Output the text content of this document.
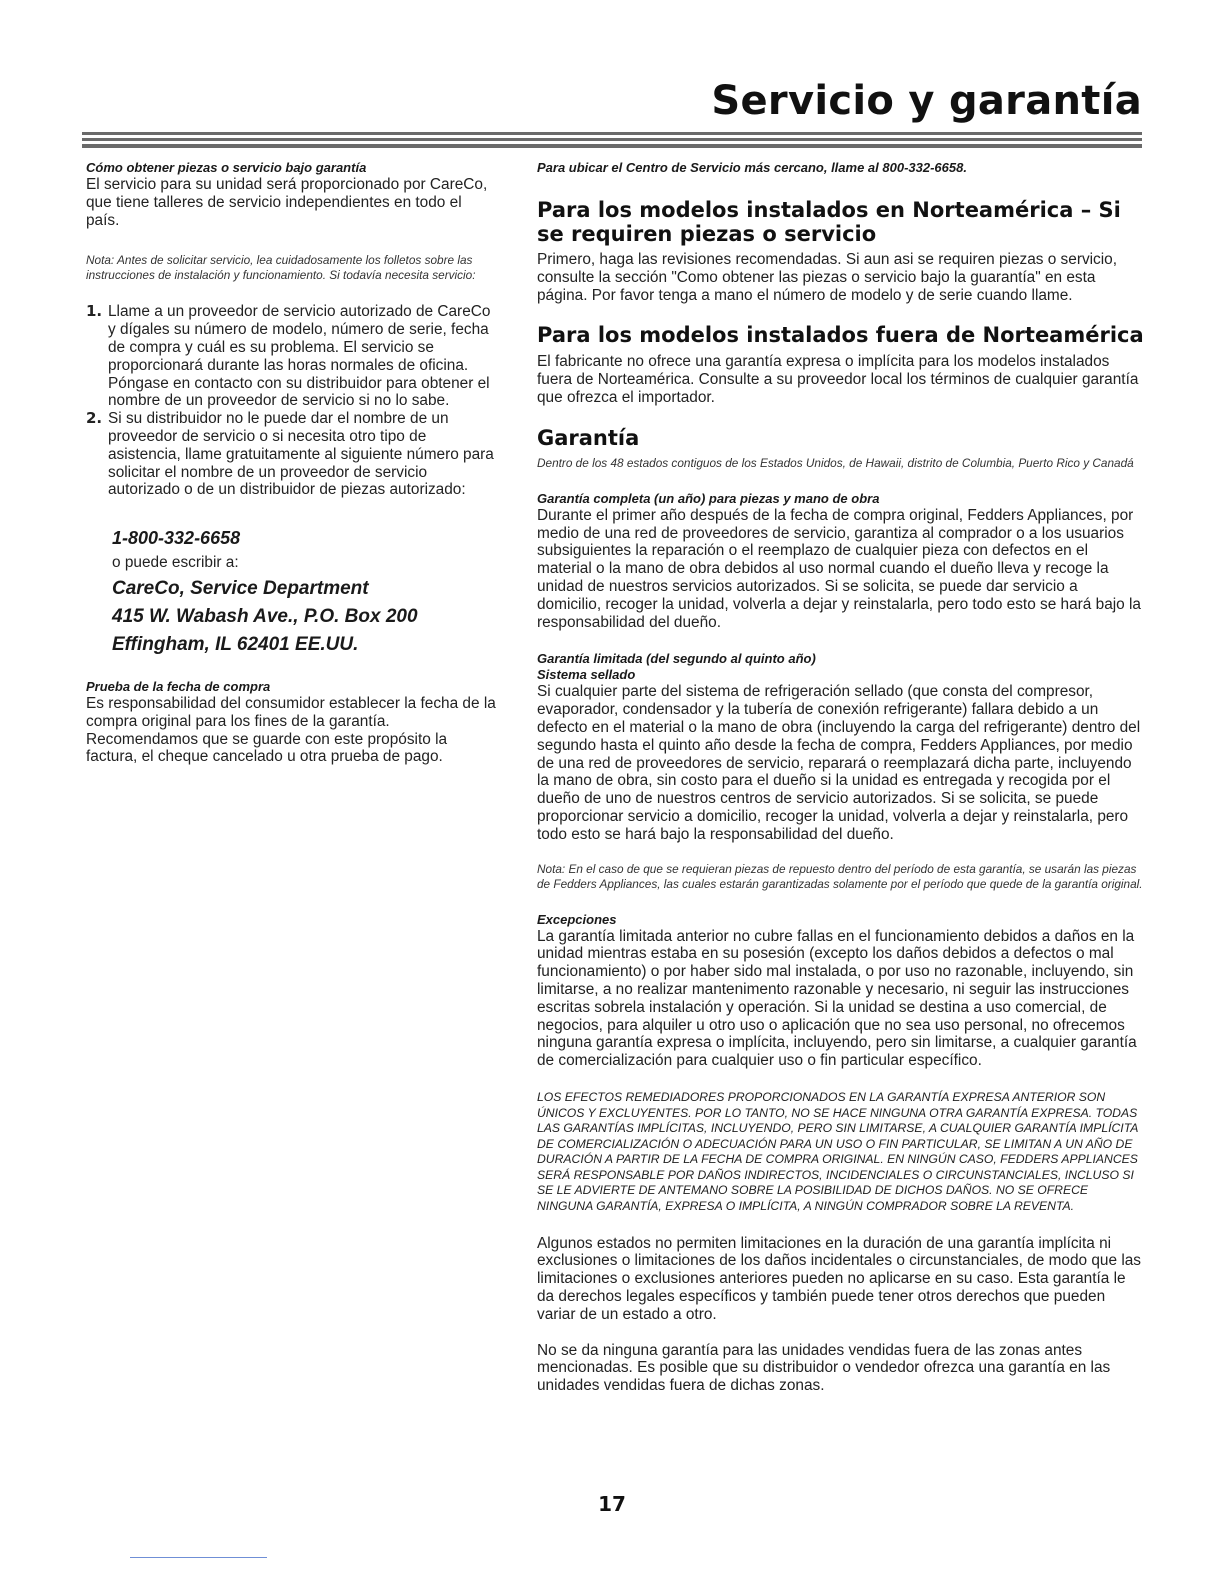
Servicio y garantía

Cómo obtener piezas o servicio bajo garantía

El servicio para su unidad será proporcionado por CareCo, que tiene talleres de servicio independientes en todo el país.

Nota: Antes de solicitar servicio, lea cuidadosamente los folletos sobre las instrucciones de instalación y funcionamiento. Si todavía necesita servicio:

1. Llame a un proveedor de servicio autorizado de CareCo y dígales su número de modelo, número de serie, fecha de compra y cuál es su problema. El servicio se proporcionará durante las horas normales de oficina. Póngase en contacto con su distribuidor para obtener el nombre de un proveedor de servicio si no lo sabe.
2. Si su distribuidor no le puede dar el nombre de un proveedor de servicio o si necesita otro tipo de asistencia, llame gratuitamente al siguiente número para solicitar el nombre de un proveedor de servicio autorizado o de un distribuidor de piezas autorizado:

1-800-332-6658

o puede escribir a:

CareCo, Service Department

415 W. Wabash Ave., P.O. Box 200

Effingham, IL 62401 EE.UU.

Prueba de la fecha de compra

Es responsabilidad del consumidor establecer la fecha de la compra original para los fines de la garantía. Recomendamos que se guarde con este propósito la factura, el cheque cancelado u otra prueba de pago.

Para ubicar el Centro de Servicio más cercano, llame al 800-332-6658.

Para los modelos instalados en Norteamérica – Si se requiren piezas o servicio

Primero, haga las revisiones recomendadas. Si aun asi se requiren piezas o servicio, consulte la sección "Como obtener las piezas o servicio bajo la guarantía" en esta página. Por favor tenga a mano el número de modelo y de serie cuando llame.

Para los modelos instalados fuera de Norteamérica

El fabricante no ofrece una garantía expresa o implícita para los modelos instalados fuera de Norteamérica. Consulte a su proveedor local los términos de cualquier garantía que ofrezca el importador.

Garantía

Dentro de los 48 estados contiguos de los Estados Unidos, de Hawaii, distrito de Columbia, Puerto Rico y Canadá

Garantía completa (un año) para piezas y mano de obra

Durante el primer año después de la fecha de compra original, Fedders Appliances, por medio de una red de proveedores de servicio, garantiza al comprador o a los usuarios subsiguientes la reparación o el reemplazo de cualquier pieza con defectos en el material o la mano de obra debidos al uso normal cuando el dueño lleva y recoge la unidad de nuestros servicios autorizados. Si se solicita, se puede dar servicio a domicilio, recoger la unidad, volverla a dejar y reinstalarla, pero todo esto se hará bajo la responsabilidad del dueño.

Garantía limitada (del segundo al quinto año)

Sistema sellado

Si cualquier parte del sistema de refrigeración sellado (que consta del compresor, evaporador, condensador y la tubería de conexión refrigerante) fallara debido a un defecto en el material o la mano de obra (incluyendo la carga del refrigerante) dentro del segundo hasta el quinto año desde la fecha de compra, Fedders Appliances, por medio de una red de proveedores de servicio, reparará o reemplazará dicha parte, incluyendo la mano de obra, sin costo para el dueño si la unidad es entregada y recogida por el dueño de uno de nuestros centros de servicio autorizados. Si se solicita, se puede proporcionar servicio a domicilio, recoger la unidad, volverla a dejar y reinstalarla, pero todo esto se hará bajo la responsabilidad del dueño.

Nota: En el caso de que se requieran piezas de repuesto dentro del período de esta garantía, se usarán las piezas de Fedders Appliances, las cuales estarán garantizadas solamente por el período que quede de la garantía original.

Excepciones

La garantía limitada anterior no cubre fallas en el funcionamiento debidos a daños en la unidad mientras estaba en su posesión (excepto los daños debidos a defectos o mal funcionamiento) o por haber sido mal instalada, o por uso no razonable, incluyendo, sin limitarse, a no realizar mantenimento razonable y necesario, ni seguir las instrucciones escritas sobrela instalación y operación. Si la unidad se destina a uso comercial, de negocios, para alquiler u otro uso o aplicación que no sea uso personal, no ofrecemos ninguna garantía expresa o implícita, incluyendo, pero sin limitarse, a cualquier garantía de comercialización para cualquier uso o fin particular específico.

LOS EFECTOS REMEDIADORES PROPORCIONADOS EN LA GARANTÍA EXPRESA ANTERIOR SON ÚNICOS Y EXCLUYENTES. POR LO TANTO, NO SE HACE NINGUNA OTRA GARANTÍA EXPRESA. TODAS LAS GARANTÍAS IMPLÍCITAS, INCLUYENDO, PERO SIN LIMITARSE, A CUALQUIER GARANTÍA IMPLÍCITA DE COMERCIALIZACIÓN O ADECUACIÓN PARA UN USO O FIN PARTICULAR, SE LIMITAN A UN AÑO DE DURACIÓN A PARTIR DE LA FECHA DE COMPRA ORIGINAL. EN NINGÚN CASO, FEDDERS APPLIANCES SERÁ RESPONSABLE POR DAÑOS INDIRECTOS, INCIDENCIALES O CIRCUNSTANCIALES, INCLUSO SI SE LE ADVIERTE DE ANTEMANO SOBRE LA POSIBILIDAD DE DICHOS DAÑOS. NO SE OFRECE NINGUNA GARANTÍA, EXPRESA O IMPLÍCITA, A NINGÚN COMPRADOR SOBRE LA REVENTA.

Algunos estados no permiten limitaciones en la duración de una garantía implícita ni exclusiones o limitaciones de los daños incidentales o circunstanciales, de modo que las limitaciones o exclusiones anteriores pueden no aplicarse en su caso. Esta garantía le da derechos legales específicos y también puede tener otros derechos que pueden variar de un estado a otro.

No se da ninguna garantía para las unidades vendidas fuera de las zonas antes mencionadas. Es posible que su distribuidor o vendedor ofrezca una garantía en las unidades vendidas fuera de dichas zonas.

17
